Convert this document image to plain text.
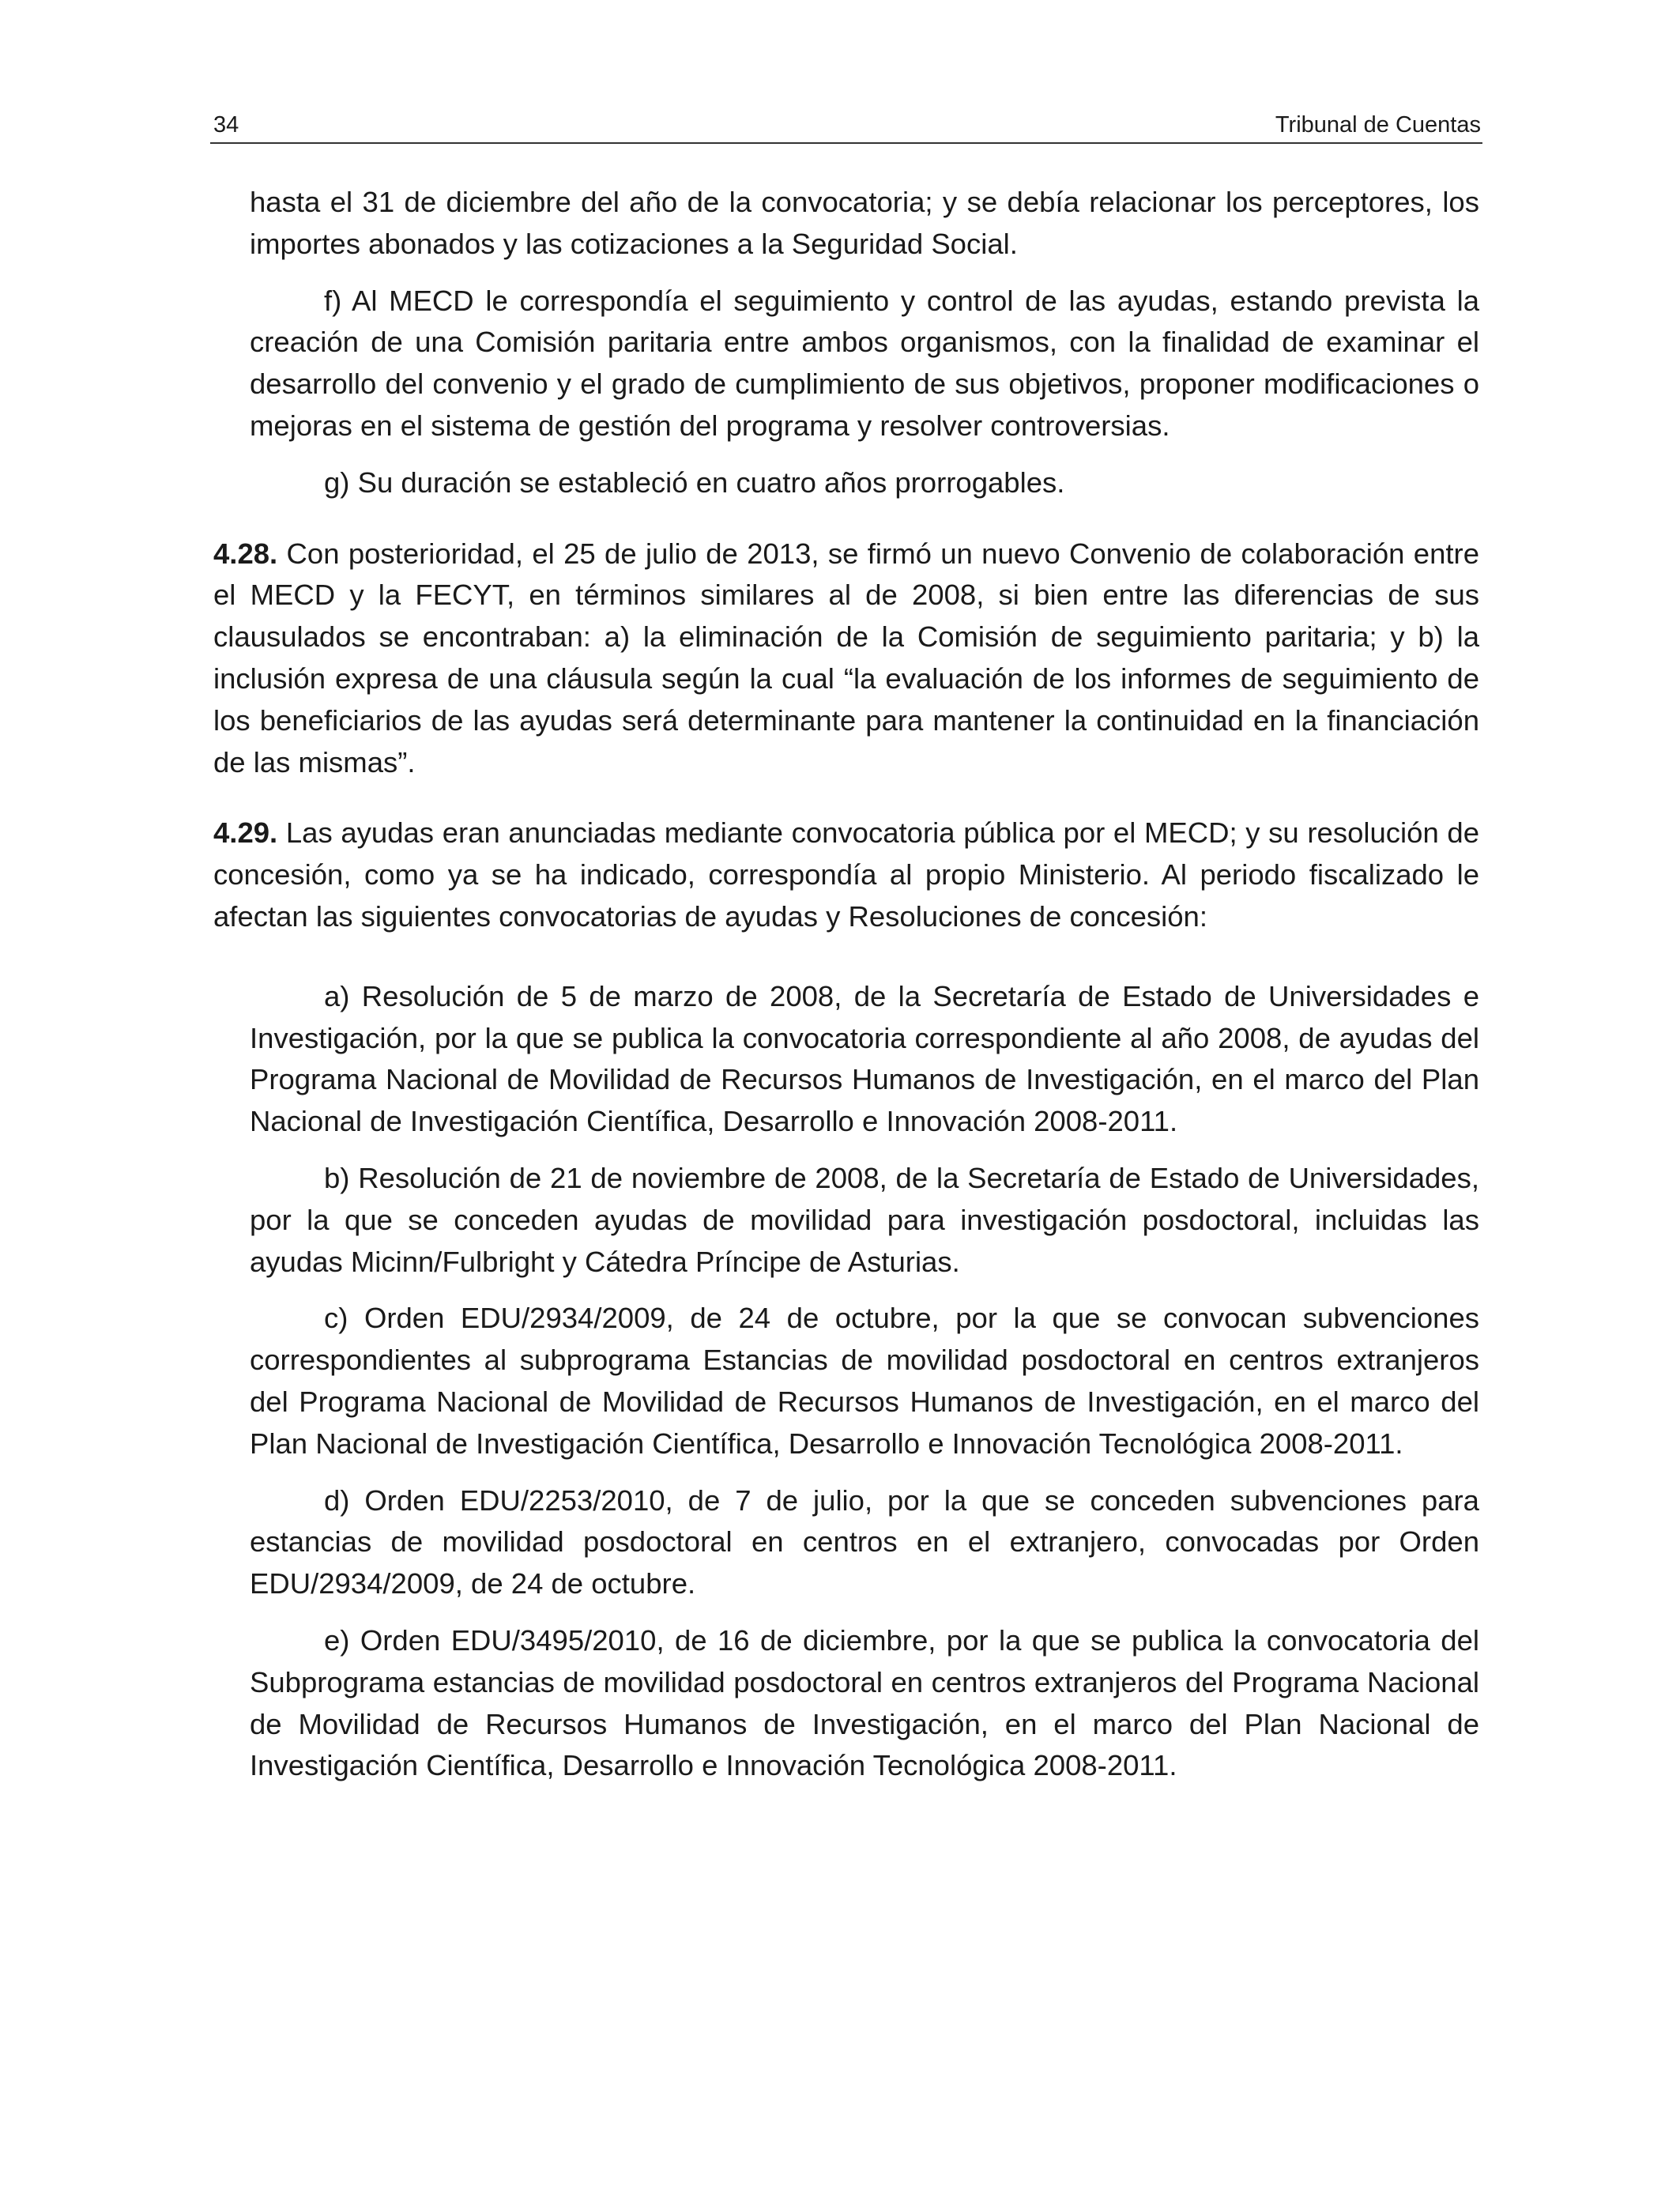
34	Tribunal de Cuentas

hasta el 31 de diciembre del año de la convocatoria; y se debía relacionar los perceptores, los importes abonados y las cotizaciones a la Seguridad Social.

f) Al MECD le correspondía el seguimiento y control de las ayudas, estando prevista la creación de una Comisión paritaria entre ambos organismos, con la finalidad de examinar el desarrollo del convenio y el grado de cumplimiento de sus objetivos, proponer modificaciones o mejoras en el sistema de gestión del programa y resolver controversias.

g) Su duración se estableció en cuatro años prorrogables.

4.28. Con posterioridad, el 25 de julio de 2013, se firmó un nuevo Convenio de colaboración entre el MECD y la FECYT, en términos similares al de 2008, si bien entre las diferencias de sus clausulados se encontraban: a) la eliminación de la Comisión de seguimiento paritaria; y b) la inclusión expresa de una cláusula según la cual “la evaluación de los informes de seguimiento de los beneficiarios de las ayudas será determinante para mantener la continuidad en la financiación de las mismas”.

4.29. Las ayudas eran anunciadas mediante convocatoria pública por el MECD; y su resolución de concesión, como ya se ha indicado, correspondía al propio Ministerio. Al periodo fiscalizado le afectan las siguientes convocatorias de ayudas y Resoluciones de concesión:

a) Resolución de 5 de marzo de 2008, de la Secretaría de Estado de Universidades e Investigación, por la que se publica la convocatoria correspondiente al año 2008, de ayudas del Programa Nacional de Movilidad de Recursos Humanos de Investigación, en el marco del Plan Nacional de Investigación Científica, Desarrollo e Innovación 2008-2011.

b) Resolución de 21 de noviembre de 2008, de la Secretaría de Estado de Universidades, por la que se conceden ayudas de movilidad para investigación posdoctoral, incluidas las ayudas Micinn/Fulbright y Cátedra Príncipe de Asturias.

c) Orden EDU/2934/2009, de 24 de octubre, por la que se convocan subvenciones correspondientes al subprograma Estancias de movilidad posdoctoral en centros extranjeros del Programa Nacional de Movilidad de Recursos Humanos de Investigación, en el marco del Plan Nacional de Investigación Científica, Desarrollo e Innovación Tecnológica 2008-2011.

d) Orden EDU/2253/2010, de 7 de julio, por la que se conceden subvenciones para estancias de movilidad posdoctoral en centros en el extranjero, convocadas por Orden EDU/2934/2009, de 24 de octubre.

e) Orden EDU/3495/2010, de 16 de diciembre, por la que se publica la convocatoria del Subprograma estancias de movilidad posdoctoral en centros extranjeros del Programa Nacional de Movilidad de Recursos Humanos de Investigación, en el marco del Plan Nacional de Investigación Científica, Desarrollo e Innovación Tecnológica 2008-2011.
